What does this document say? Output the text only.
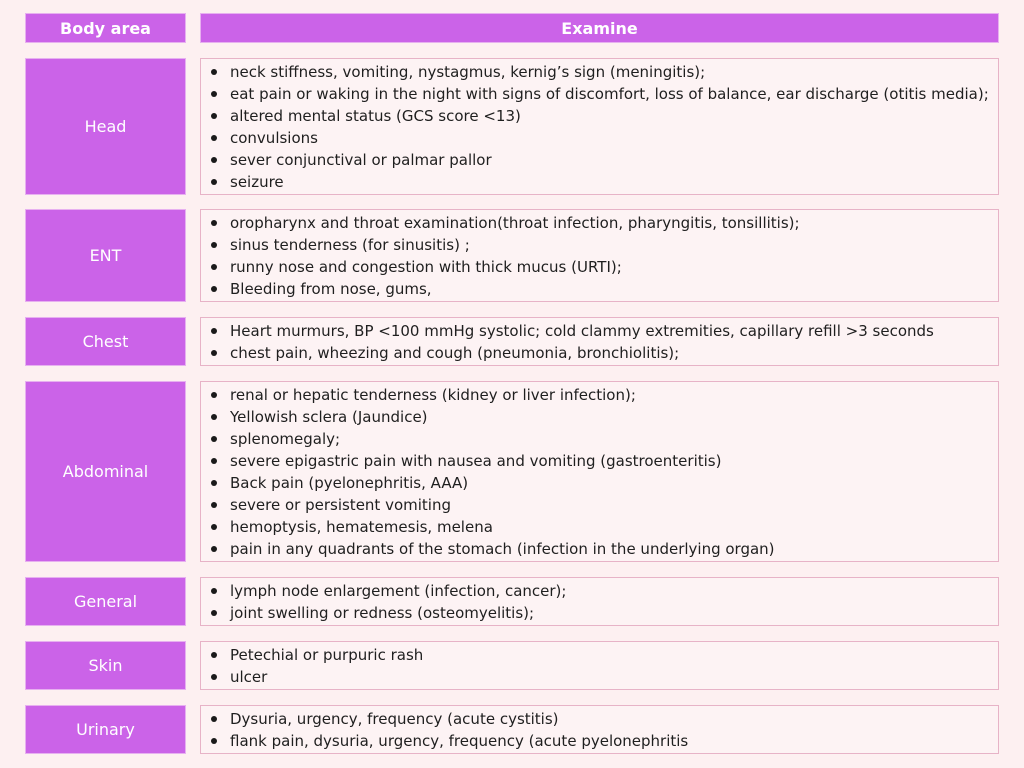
Body area	Examine
Head
neck stiffness, vomiting, nystagmus, kernig’s sign (meningitis);
eat pain or waking in the night with signs of discomfort, loss of balance, ear discharge (otitis media);
altered mental status (GCS score <13)
convulsions
sever conjunctival or palmar pallor
seizure
ENT
oropharynx and throat examination(throat infection, pharyngitis, tonsillitis);
sinus tenderness (for sinusitis) ;
runny nose and congestion with thick mucus (URTI);
Bleeding from nose, gums,
Chest
Heart murmurs, BP <100 mmHg systolic; cold clammy extremities, capillary refill >3 seconds
chest pain, wheezing and cough (pneumonia, bronchiolitis);
Abdominal
renal or hepatic tenderness (kidney or liver infection);
Yellowish sclera (Jaundice)
splenomegaly;
severe epigastric pain with nausea and vomiting (gastroenteritis)
Back pain (pyelonephritis, AAA)
severe or persistent vomiting
hemoptysis, hematemesis, melena
pain in any quadrants of the stomach (infection in the underlying organ)
General
lymph node enlargement (infection, cancer);
joint swelling or redness (osteomyelitis);
Skin
Petechial or purpuric rash
ulcer
Urinary
Dysuria, urgency, frequency (acute cystitis)
flank pain, dysuria, urgency, frequency (acute pyelonephritis
